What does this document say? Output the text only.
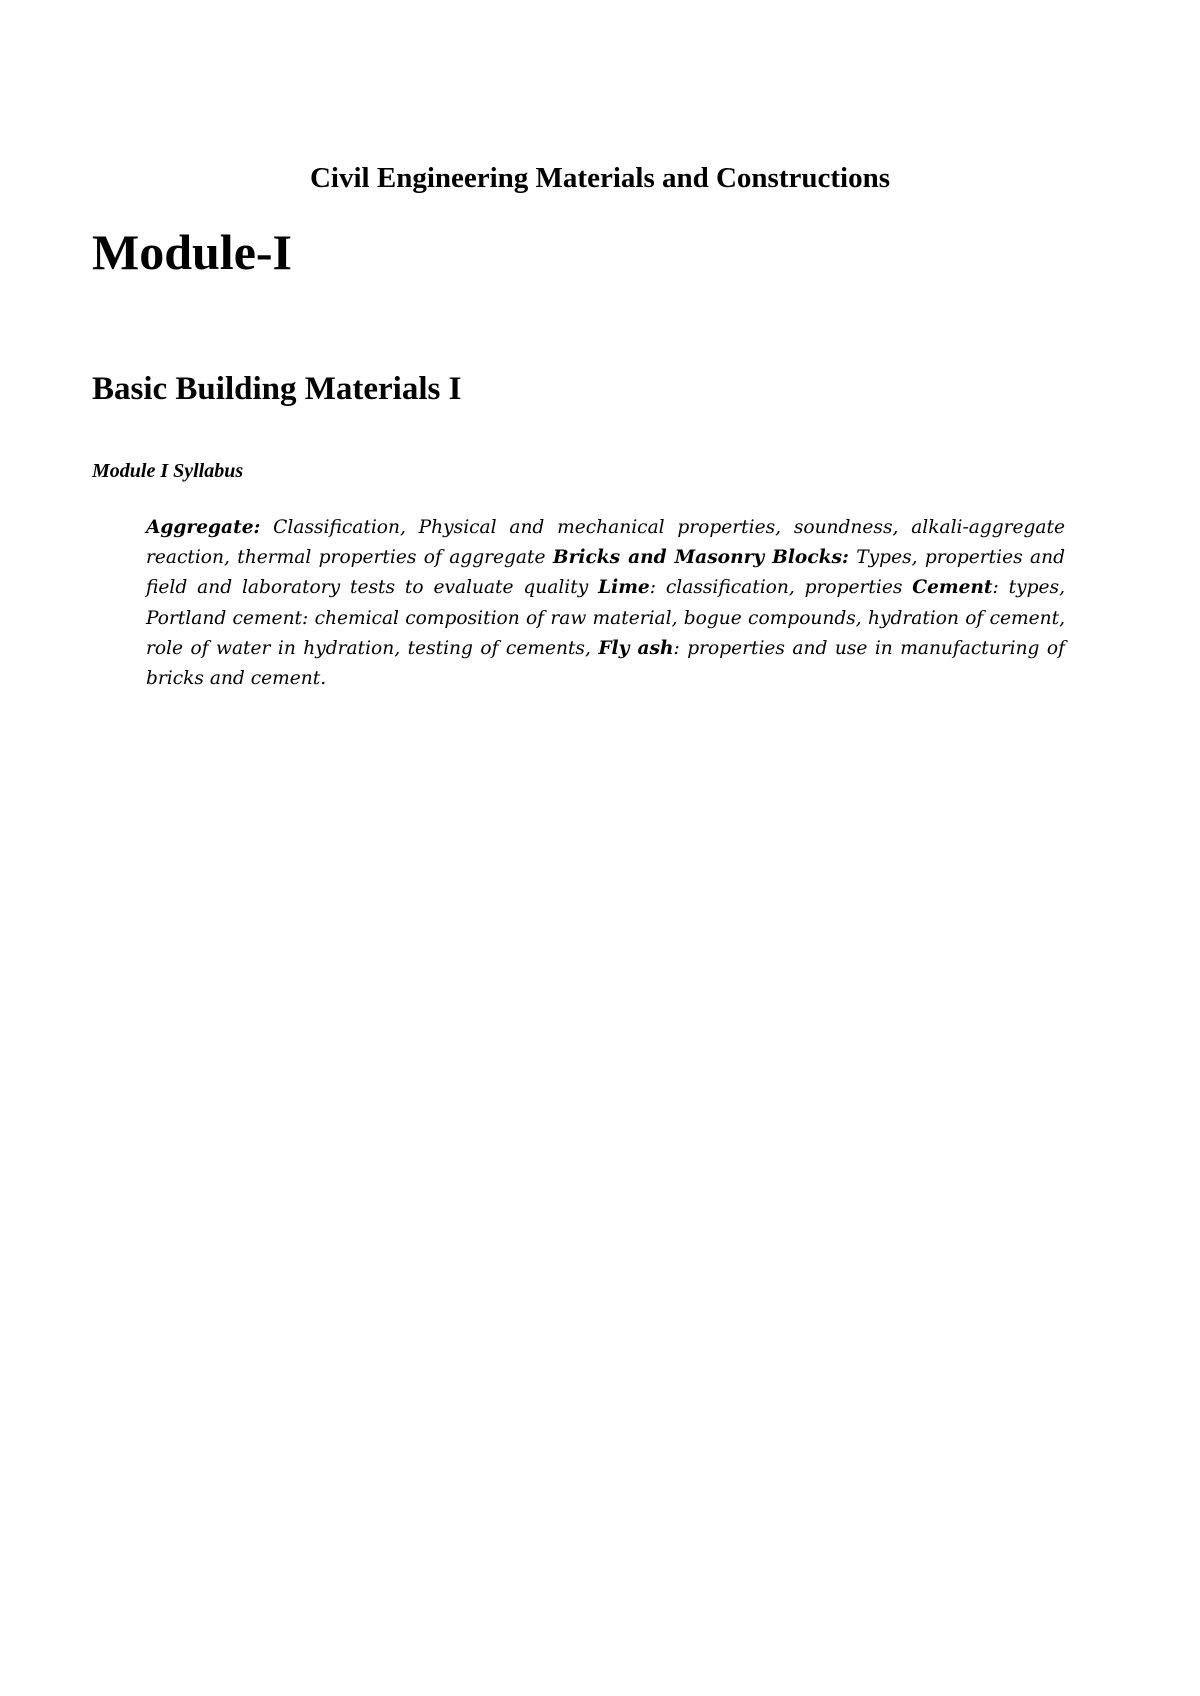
Civil Engineering Materials and Constructions
Module-I
Basic Building Materials I

Module I Syllabus

Aggregate: Classification, Physical and mechanical properties, soundness, alkali-aggregate reaction, thermal properties of aggregate Bricks and Masonry Blocks: Types, properties and field and laboratory tests to evaluate quality Lime: classification, properties Cement: types, Portland cement: chemical composition of raw material, bogue compounds, hydration of cement, role of water in hydration, testing of cements, Fly ash: properties and use in manufacturing of bricks and cement.
